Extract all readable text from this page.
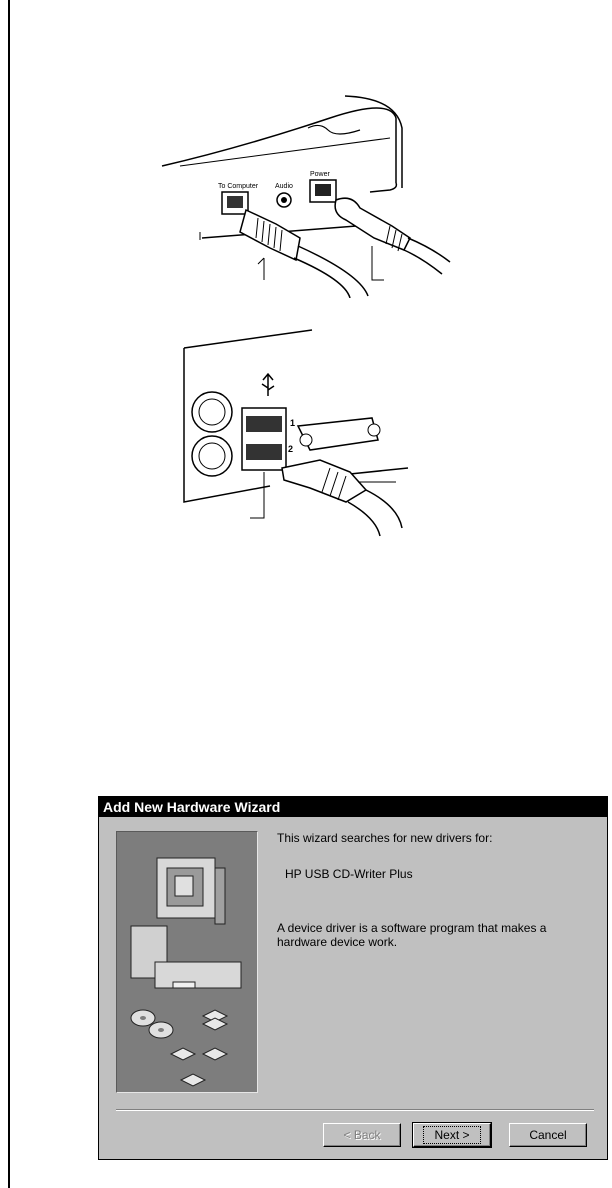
To Computer Audio
Power
1
2
Add New Hardware Wizard
This wizard searches for new drivers for:
HP USB CD-Writer Plus
A device driver is a software program that makes a hardware device work.
< Back	Next >	Cancel
